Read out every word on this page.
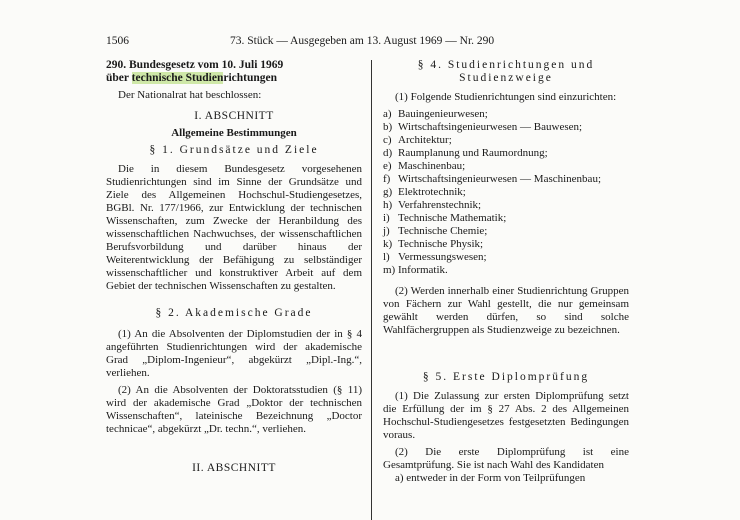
1506	73. Stück — Ausgegeben am 13. August 1969 — Nr. 290

290. Bundesgesetz vom 10. Juli 1969

über technische Studienrichtungen

Der Nationalrat hat beschlossen:

I. ABSCHNITT

Allgemeine Bestimmungen

§ 1. Grundsätze und Ziele

Die in diesem Bundesgesetz vorgesehenen Studienrichtungen sind im Sinne der Grundsätze und Ziele des Allgemeinen Hochschul-Studiengesetzes, BGBl. Nr. 177/1966, zur Entwicklung der technischen Wissenschaften, zum Zwecke der Heranbildung des wissenschaftlichen Nachwuchses, der wissenschaftlichen Berufsvorbildung und darüber hinaus der Weiterentwicklung der Befähigung zu selbständiger wissenschaftlicher und konstruktiver Arbeit auf dem Gebiet der technischen Wissenschaften zu gestalten.

§ 2. Akademische Grade

(1) An die Absolventen der Diplomstudien der in § 4 angeführten Studienrichtungen wird der akademische Grad „Diplom-Ingenieur“, abgekürzt „Dipl.-Ing.“, verliehen.

(2) An die Absolventen der Doktoratsstudien (§ 11) wird der akademische Grad „Doktor der technischen Wissenschaften“, lateinische Bezeichnung „Doctor technicae“, abgekürzt „Dr. techn.“, verliehen.

II. ABSCHNITT

§ 4. Studienrichtungen und

Studienzweige

(1) Folgende Studienrichtungen sind einzurichten:

a) Bauingenieurwesen;
b) Wirtschaftsingenieurwesen — Bauwesen;
c) Architektur;
d) Raumplanung und Raumordnung;
e) Maschinenbau;
f) Wirtschaftsingenieurwesen — Maschinenbau;
g) Elektrotechnik;
h) Verfahrenstechnik;
i) Technische Mathematik;
j) Technische Chemie;
k) Technische Physik;
l) Vermessungswesen;
m) Informatik.

(2) Werden innerhalb einer Studienrichtung Gruppen von Fächern zur Wahl gestellt, die nur gemeinsam gewählt werden dürfen, so sind solche Wahlfächergruppen als Studienzweige zu bezeichnen.

§ 5. Erste Diplomprüfung

(1) Die Zulassung zur ersten Diplomprüfung setzt die Erfüllung der im § 27 Abs. 2 des Allgemeinen Hochschul-Studiengesetzes festgesetzten Bedingungen voraus.

(2) Die erste Diplomprüfung ist eine Gesamtprüfung. Sie ist nach Wahl des Kandidaten

a) entweder in der Form von Teilprüfungen
